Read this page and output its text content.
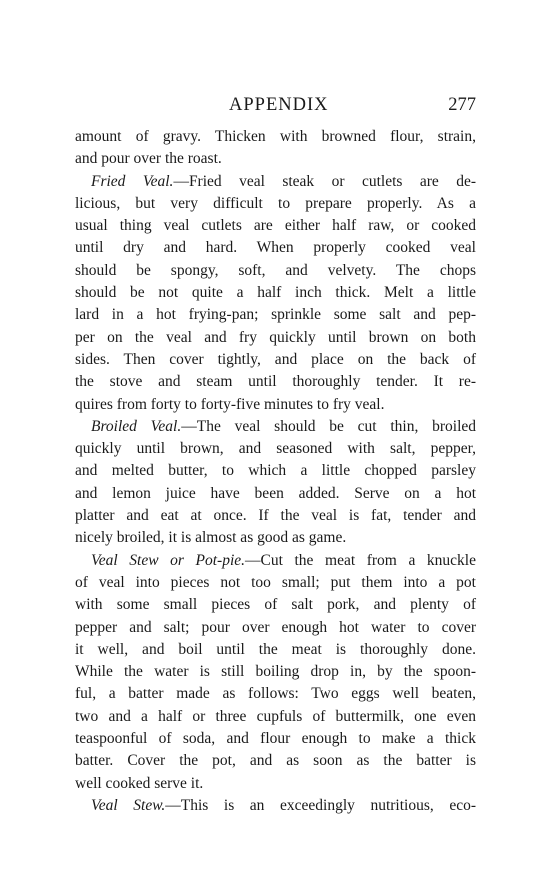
APPENDIX	277
amount of gravy. Thicken with browned flour, strain,
and pour over the roast.
Fried Veal.—Fried veal steak or cutlets are de-
licious, but very difficult to prepare properly. As a
usual thing veal cutlets are either half raw, or cooked
until dry and hard. When properly cooked veal
should be spongy, soft, and velvety. The chops
should be not quite a half inch thick. Melt a little
lard in a hot frying-pan; sprinkle some salt and pep-
per on the veal and fry quickly until brown on both
sides. Then cover tightly, and place on the back of
the stove and steam until thoroughly tender. It re-
quires from forty to forty-five minutes to fry veal.
Broiled Veal.—The veal should be cut thin, broiled
quickly until brown, and seasoned with salt, pepper,
and melted butter, to which a little chopped parsley
and lemon juice have been added. Serve on a hot
platter and eat at once. If the veal is fat, tender and
nicely broiled, it is almost as good as game.
Veal Stew or Pot-pie.—Cut the meat from a knuckle
of veal into pieces not too small; put them into a pot
with some small pieces of salt pork, and plenty of
pepper and salt; pour over enough hot water to cover
it well, and boil until the meat is thoroughly done.
While the water is still boiling drop in, by the spoon-
ful, a batter made as follows: Two eggs well beaten,
two and a half or three cupfuls of buttermilk, one even
teaspoonful of soda, and flour enough to make a thick
batter. Cover the pot, and as soon as the batter is
well cooked serve it.
Veal Stew.—This is an exceedingly nutritious, eco-
